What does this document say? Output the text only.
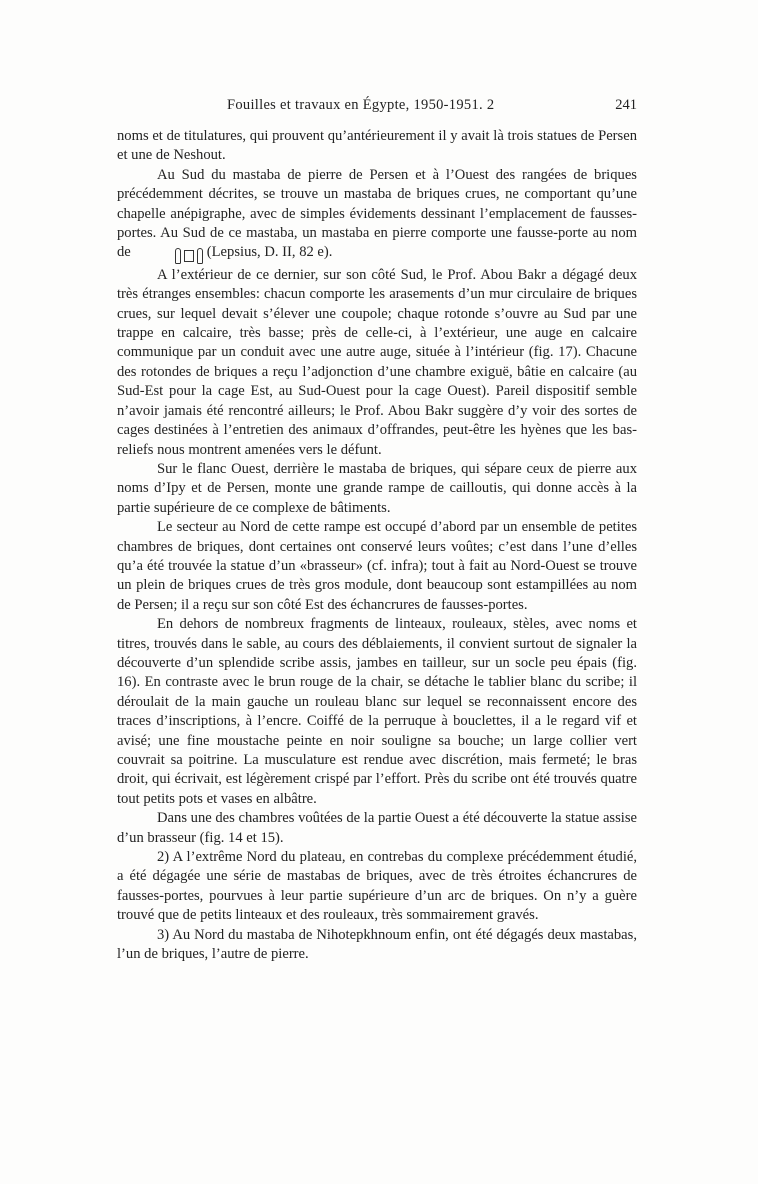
Fouilles et travaux en Égypte, 1950-1951. 2	241

noms et de titulatures, qui prouvent qu’antérieurement il y avait là trois statues de Persen et une de Neshout.

Au Sud du mastaba de pierre de Persen et à l’Ouest des rangées de briques précédemment décrites, se trouve un mastaba de briques crues, ne comportant qu’une chapelle anépigraphe, avec de simples évidements dessinant l’emplacement de fausses-portes. Au Sud de ce mastaba, un mastaba en pierre comporte une fausse-porte au nom de	(Lepsius, D. II, 82 e).

A l’extérieur de ce dernier, sur son côté Sud, le Prof. Abou Bakr a dégagé deux très étranges ensembles: chacun comporte les arasements d’un mur circulaire de briques crues, sur lequel devait s’élever une coupole; chaque rotonde s’ouvre au Sud par une trappe en calcaire, très basse; près de celle-ci, à l’extérieur, une auge en calcaire communique par un conduit avec une autre auge, située à l’intérieur (fig. 17). Chacune des rotondes de briques a reçu l’adjonction d’une chambre exiguë, bâtie en calcaire (au Sud-Est pour la cage Est, au Sud-Ouest pour la cage Ouest). Pareil dispositif semble n’avoir jamais été rencontré ailleurs; le Prof. Abou Bakr suggère d’y voir des sortes de cages destinées à l’entretien des animaux d’offrandes, peut-être les hyènes que les bas-reliefs nous montrent amenées vers le défunt.

Sur le flanc Ouest, derrière le mastaba de briques, qui sépare ceux de pierre aux noms d’Ipy et de Persen, monte une grande rampe de cailloutis, qui donne accès à la partie supérieure de ce complexe de bâtiments.

Le secteur au Nord de cette rampe est occupé d’abord par un ensemble de petites chambres de briques, dont certaines ont conservé leurs voûtes; c’est dans l’une d’elles qu’a été trouvée la statue d’un «brasseur» (cf. infra); tout à fait au Nord-Ouest se trouve un plein de briques crues de très gros module, dont beaucoup sont estampillées au nom de Persen; il a reçu sur son côté Est des échancrures de fausses-portes.

En dehors de nombreux fragments de linteaux, rouleaux, stèles, avec noms et titres, trouvés dans le sable, au cours des déblaiements, il convient surtout de signaler la découverte d’un splendide scribe assis, jambes en tailleur, sur un socle peu épais (fig. 16). En contraste avec le brun rouge de la chair, se détache le tablier blanc du scribe; il déroulait de la main gauche un rouleau blanc sur lequel se reconnaissent encore des traces d’inscriptions, à l’encre. Coiffé de la perruque à bouclettes, il a le regard vif et avisé; une fine moustache peinte en noir souligne sa bouche; un large collier vert couvrait sa poitrine. La musculature est rendue avec discrétion, mais fermeté; le bras droit, qui écrivait, est légèrement crispé par l’effort. Près du scribe ont été trouvés quatre tout petits pots et vases en albâtre.

Dans une des chambres voûtées de la partie Ouest a été découverte la statue assise d’un brasseur (fig. 14 et 15).

2) A l’extrême Nord du plateau, en contrebas du complexe précédemment étudié, a été dégagée une série de mastabas de briques, avec de très étroites échancrures de fausses-portes, pourvues à leur partie supérieure d’un arc de briques. On n’y a guère trouvé que de petits linteaux et des rouleaux, très sommairement gravés.

3) Au Nord du mastaba de Nihotepkhnoum enfin, ont été dégagés deux mastabas, l’un de briques, l’autre de pierre.
